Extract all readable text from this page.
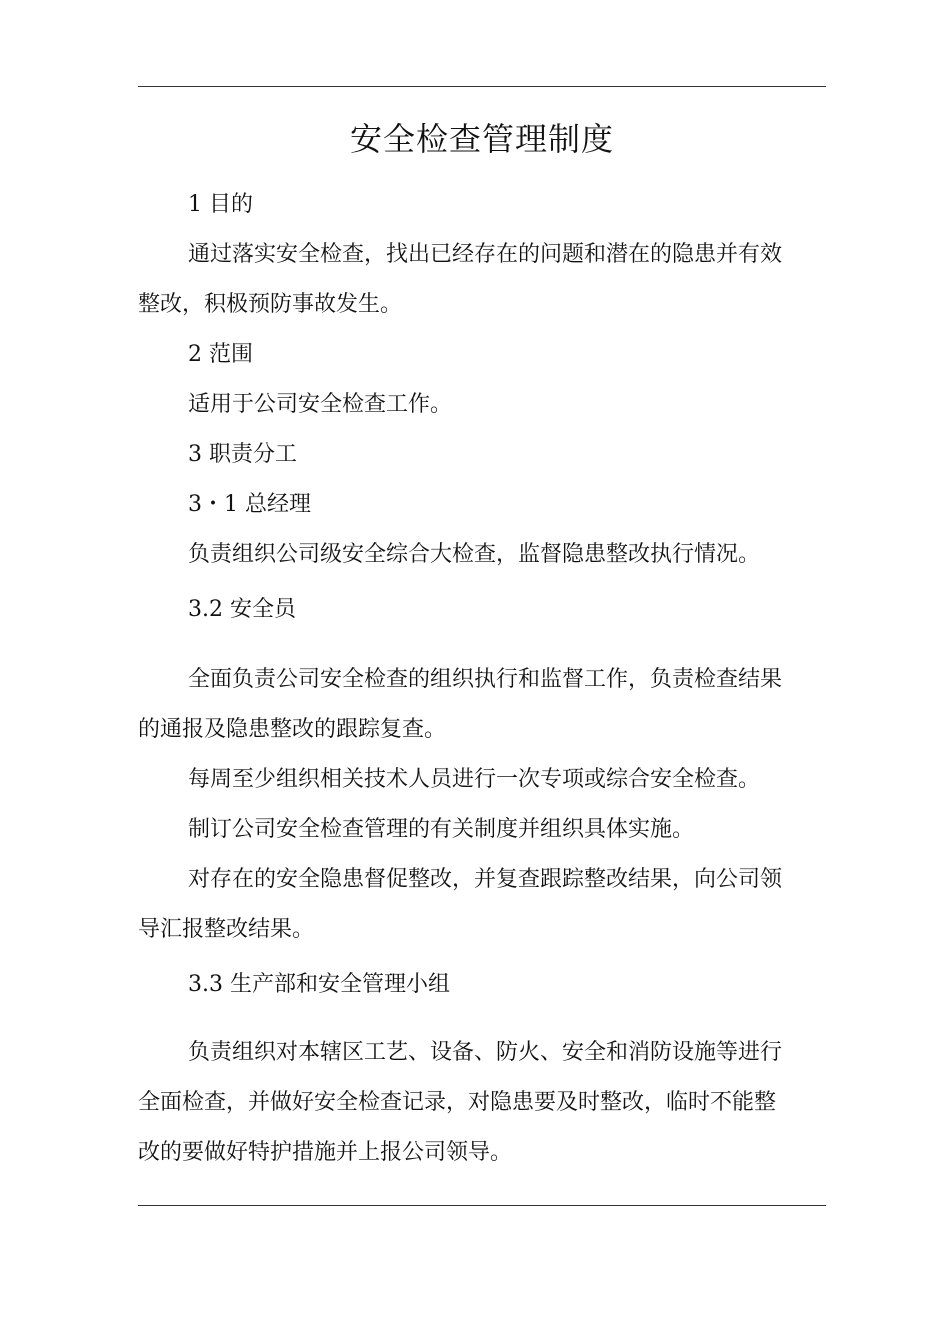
安全检查管理制度
1 目的
通过落实安全检查，找出已经存在的问题和潜在的隐患并有效
整改，积极预防事故发生。
2 范围
适用于公司安全检查工作。
3 职责分工
3・1 总经理
负责组织公司级安全综合大检查，监督隐患整改执行情况。
3.2 安全员
全面负责公司安全检查的组织执行和监督工作，负责检查结果
的通报及隐患整改的跟踪复查。
每周至少组织相关技术人员进行一次专项或综合安全检查。
制订公司安全检查管理的有关制度并组织具体实施。
对存在的安全隐患督促整改，并复查跟踪整改结果，向公司领
导汇报整改结果。
3.3 生产部和安全管理小组
负责组织对本辖区工艺、设备、防火、安全和消防设施等进行
全面检查，并做好安全检查记录，对隐患要及时整改，临时不能整
改的要做好特护措施并上报公司领导。
